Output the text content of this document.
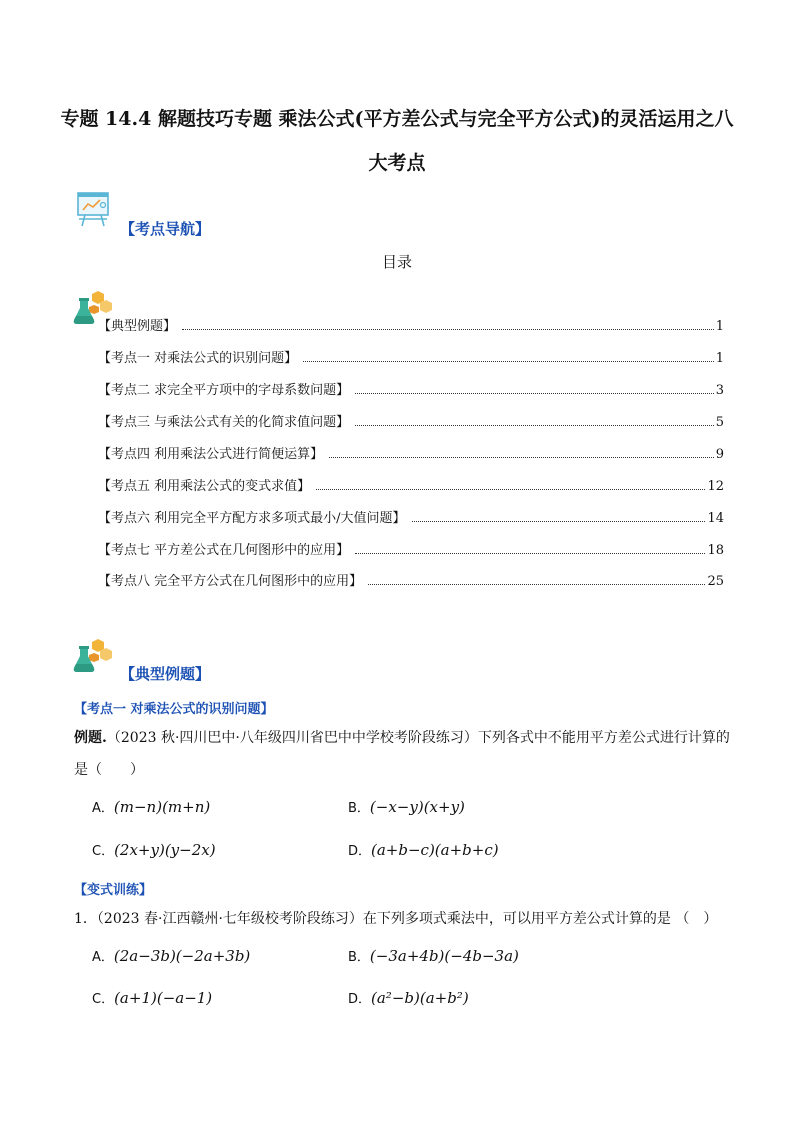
专题 14.4 解题技巧专题 乘法公式(平方差公式与完全平方公式)的灵活运用之八
大考点
【考点导航】
目录
【典型例题】	1
【考点一 对乘法公式的识别问题】	1
【考点二 求完全平方项中的字母系数问题】	3
【考点三 与乘法公式有关的化简求值问题】	5
【考点四 利用乘法公式进行简便运算】	9
【考点五 利用乘法公式的变式求值】	12
【考点六 利用完全平方配方求多项式最小/大值问题】	14
【考点七 平方差公式在几何图形中的应用】	18
【考点八 完全平方公式在几何图形中的应用】	25
【典型例题】
【考点一 对乘法公式的识别问题】
例题.（2023 秋·四川巴中·八年级四川省巴中中学校考阶段练习）下列各式中不能用平方差公式进行计算的
是（　　）
A．(m−n)(m+n)	B．(−x−y)(x+y)
C．(2x+y)(y−2x)	D．(a+b−c)(a+b+c)
【变式训练】
1．（2023 春·江西赣州·七年级校考阶段练习）在下列多项式乘法中，可以用平方差公式计算的是 （　）
A．(2a−3b)(−2a+3b)	B．(−3a+4b)(−4b−3a)
C．(a+1)(−a−1)	D．(a²−b)(a+b²)
